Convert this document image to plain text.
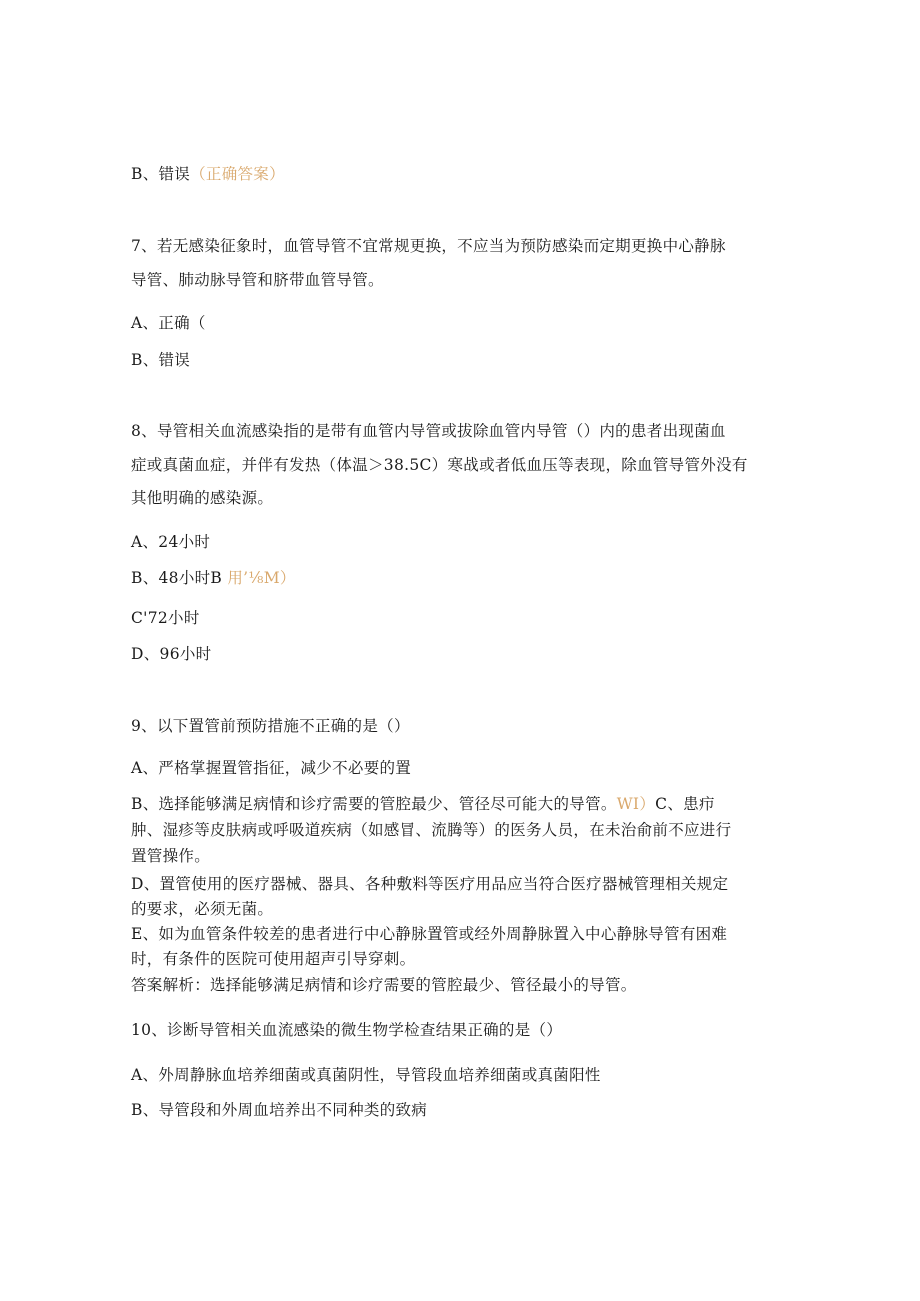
B、错误（正确答案）
7、若无感染征象时，血管导管不宜常规更换，不应当为预防感染而定期更换中心静脉
导管、肺动脉导管和脐带血管导管。
A、正确（
B、错误
8、导管相关血流感染指的是带有血管内导管或拔除血管内导管（）内的患者出现菌血
症或真菌血症，并伴有发热（体温＞38.5C）寒战或者低血压等表现，除血管导管外没有
其他明确的感染源。
A、24小时
B、48小时B 用’⅛M）
C'72小时
D、96小时
9、以下置管前预防措施不正确的是（）
A、严格掌握置管指征，减少不必要的置
B、选择能够满足病情和诊疗需要的管腔最少、管径尽可能大的导管。WI）C、患疖
肿、湿疹等皮肤病或呼吸道疾病（如感冒、流腾等）的医务人员，在未治俞前不应进行
置管操作。
D、置管使用的医疗器械、器具、各种敷料等医疗用品应当符合医疗器械管理相关规定
的要求，必须无菌。
E、如为血管条件较差的患者进行中心静脉置管或经外周静脉置入中心静脉导管有困难
时，有条件的医院可使用超声引导穿刺。
答案解析：选择能够满足病情和诊疗需要的管腔最少、管径最小的导管。
10、诊断导管相关血流感染的微生物学检查结果正确的是（）
A、外周静脉血培养细菌或真菌阴性，导管段血培养细菌或真菌阳性
B、导管段和外周血培养出不同种类的致病
